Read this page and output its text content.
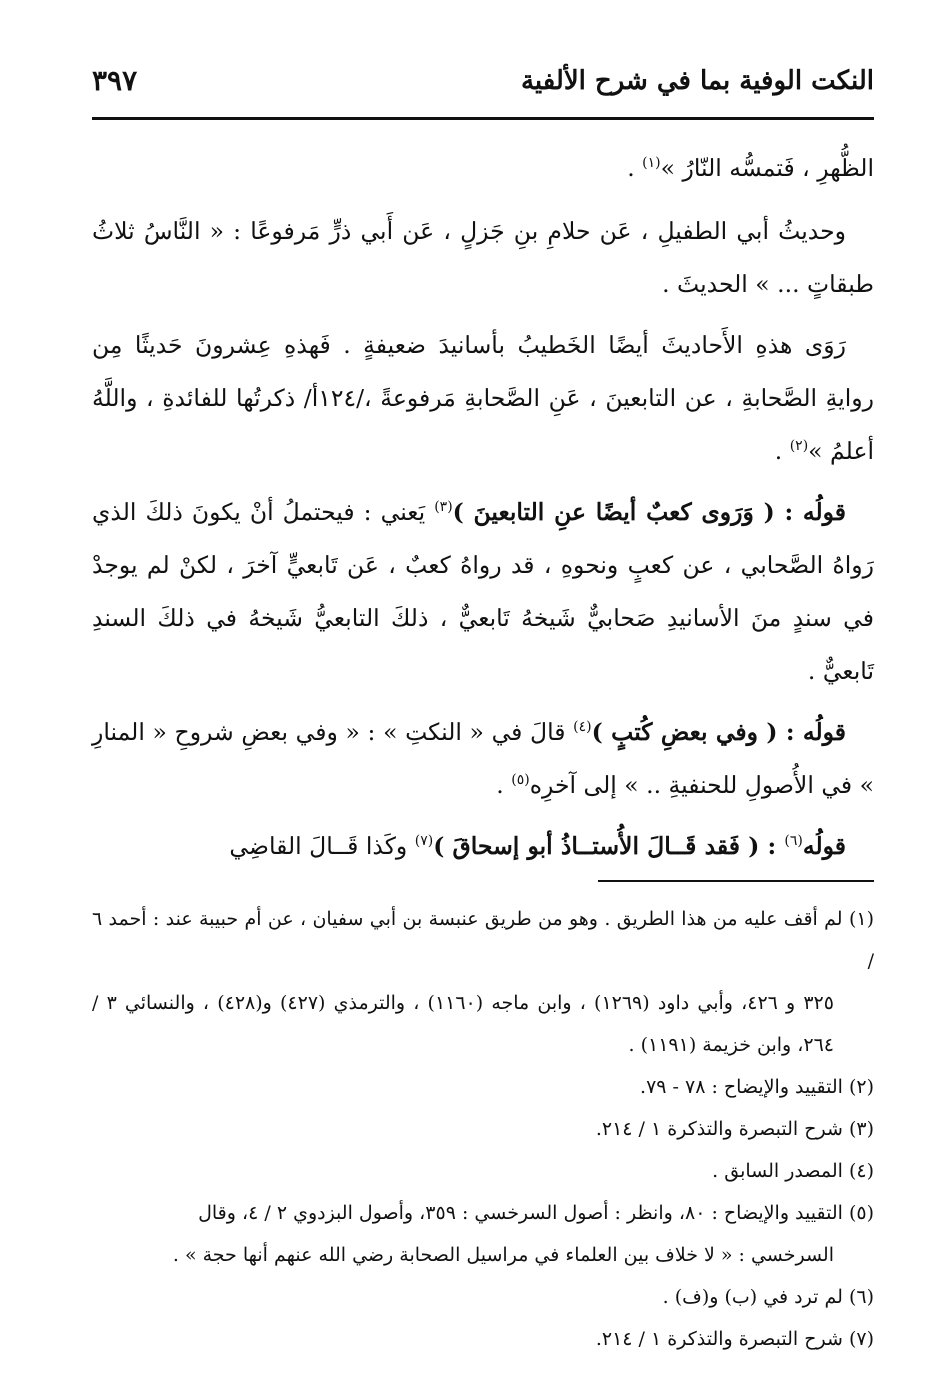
النكت الوفية بما في شرح الألفية
٣٩٧

الظُّهرِ ، فَتمسُّه النّارُ »$^{(١)}$ .

وحديثُ أبي الطفيلِ ، عَن حلامِ بنِ جَزلٍ ، عَن أَبي ذرٍّ مَرفوعًا : « النَّاسُ ثلاثُ طبقاتٍ ... » الحديثَ .

رَوَى هذهِ الأَحاديثَ أيضًا الخَطيبُ بأسانيدَ ضعيفةٍ . فَهذهِ عِشرونَ حَديثًا مِن روايةِ الصَّحابةِ ، عن التابعينَ ، عَنِ الصَّحابةِ مَرفوعةً ،/١٢٤أ/ ذكرتُها للفائدةِ ، واللَّهُ أعلمُ »$^{(٢)}$ .

قولُه : ( وَرَوى كعبٌ أيضًا عنِ التابعينَ )$^{(٣)}$ يَعني : فيحتملُ أنْ يكونَ ذلكَ الذي رَواهُ الصَّحابي ، عن كعبٍ ونحوهِ ، قد رواهُ كعبٌ ، عَن تَابعيٍّ آخرَ ، لكنْ لم يوجدْ في سندٍ منَ الأسانيدِ صَحابيٌّ شَيخهُ تَابعيٌّ ، ذلكَ التابعيُّ شَيخهُ في ذلكَ السندِ تَابعيٌّ .

قولُه : ( وفي بعضِ كُتبٍ )$^{(٤)}$ قالَ في « النكتِ » : « وفي بعضِ شروحِ « المنارِ » في الأُصولِ للحنفيةِ .. » إلى آخرِه$^{(٥)}$ .

قولُه$^{(٦)}$ : ( فَقد قَــالَ الأُستــاذُ أبو إسحاقَ )$^{(٧)}$ وكَذا قَــالَ القاضِي

(١) لم أقف عليه من هذا الطريق . وهو من طريق عنبسة بن أبي سفيان ، عن أم حبيبة عند : أحمد ٦ /
٣٢٥ و ٤٢٦، وأبي داود (١٢٦٩) ، وابن ماجه (١١٦٠) ، والترمذي (٤٢٧) و(٤٢٨) ، والنسائي ٣ / ٢٦٤، وابن خزيمة (١١٩١) .
(٢) التقييد والإيضاح : ٧٨ - ٧٩.
(٣) شرح التبصرة والتذكرة ١ / ٢١٤.
(٤) المصدر السابق .
(٥) التقييد والإيضاح : ٨٠، وانظر : أصول السرخسي : ٣٥٩، وأصول البزدوي ٢ / ٤، وقال
السرخسي : « لا خلاف بين العلماء في مراسيل الصحابة رضي الله عنهم أنها حجة » .
(٦) لم ترد في (ب) و(ف) .
(٧) شرح التبصرة والتذكرة ١ / ٢١٤.
